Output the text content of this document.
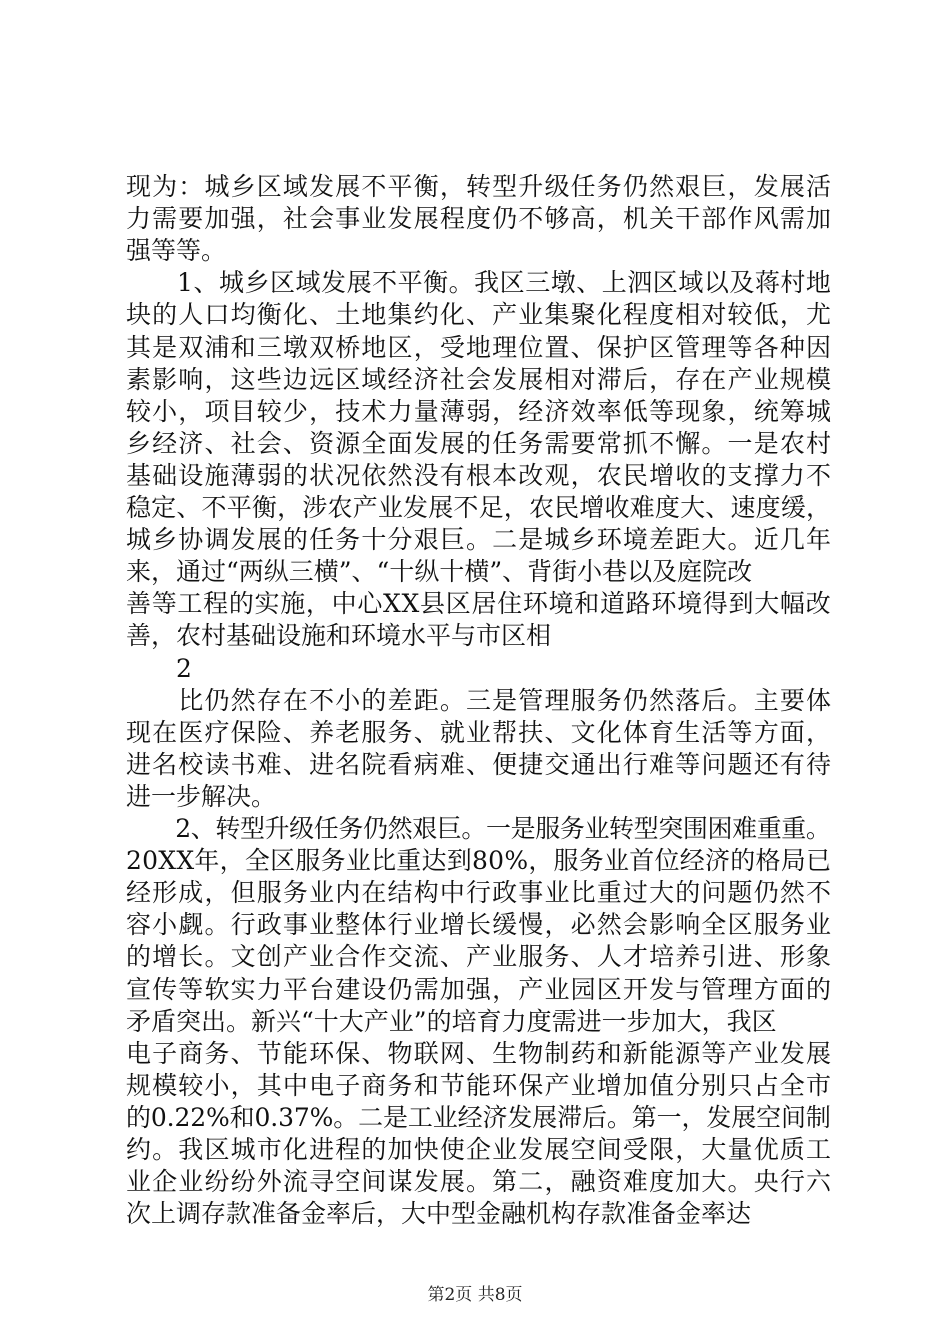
现为：城乡区域发展不平衡，转型升级任务仍然艰巨，发展活
力需要加强，社会事业发展程度仍不够高，机关干部作风需加
强等等。
　　1、城乡区域发展不平衡。我区三墩、上泗区域以及蒋村地
块的人口均衡化、土地集约化、产业集聚化程度相对较低，尤
其是双浦和三墩双桥地区，受地理位置、保护区管理等各种因
素影响，这些边远区域经济社会发展相对滞后，存在产业规模
较小，项目较少，技术力量薄弱，经济效率低等现象，统筹城
乡经济、社会、资源全面发展的任务需要常抓不懈。一是农村
基础设施薄弱的状况依然没有根本改观，农民增收的支撑力不
稳定、不平衡，涉农产业发展不足，农民增收难度大、速度缓，
城乡协调发展的任务十分艰巨。二是城乡环境差距大。近几年
来，通过“两纵三横”、“十纵十横”、背街小巷以及庭院改
善等工程的实施，中心XX县区居住环境和道路环境得到大幅改
善，农村基础设施和环境水平与市区相
　　2
　　比仍然存在不小的差距。三是管理服务仍然落后。主要体
现在医疗保险、养老服务、就业帮扶、文化体育生活等方面，
进名校读书难、进名院看病难、便捷交通出行难等问题还有待
进一步解决。
　　2、转型升级任务仍然艰巨。一是服务业转型突围困难重重。
20XX年，全区服务业比重达到80%，服务业首位经济的格局已
经形成，但服务业内在结构中行政事业比重过大的问题仍然不
容小觑。行政事业整体行业增长缓慢，必然会影响全区服务业
的增长。文创产业合作交流、产业服务、人才培养引进、形象
宣传等软实力平台建设仍需加强，产业园区开发与管理方面的
矛盾突出。新兴“十大产业”的培育力度需进一步加大，我区
电子商务、节能环保、物联网、生物制药和新能源等产业发展
规模较小，其中电子商务和节能环保产业增加值分别只占全市
的0.22%和0.37%。二是工业经济发展滞后。第一，发展空间制
约。我区城市化进程的加快使企业发展空间受限，大量优质工
业企业纷纷外流寻空间谋发展。第二，融资难度加大。央行六
次上调存款准备金率后，大中型金融机构存款准备金率达
第2页 共8页
